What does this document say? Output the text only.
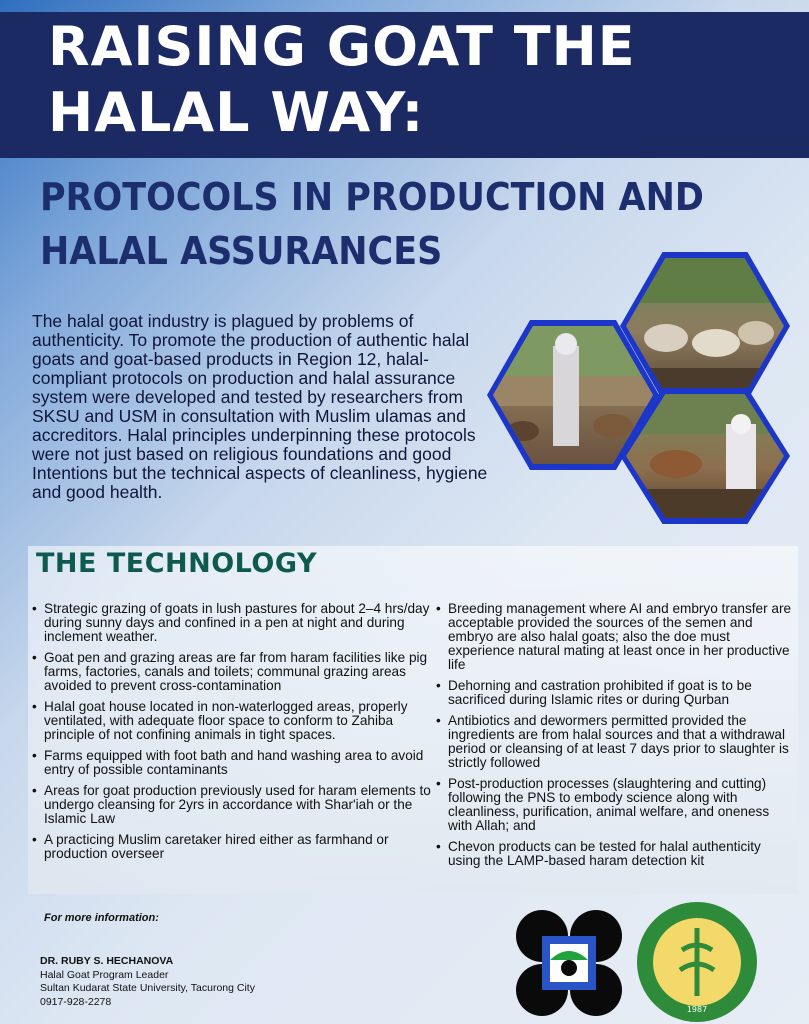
RAISING GOAT THE HALAL WAY:
PROTOCOLS IN PRODUCTION AND HALAL ASSURANCES
The halal goat industry is plagued by problems of authenticity. To promote the production of authentic halal goats and goat-based products in Region 12, halal-compliant protocols on production and halal assurance system were developed and tested by researchers from SKSU and USM in consultation with Muslim ulamas and accreditors. Halal principles underpinning these protocols were not just based on religious foundations and good Intentions but the technical aspects of cleanliness, hygiene and good health.
THE TECHNOLOGY
• Strategic grazing of goats in lush pastures for about 2–4 hrs/day during sunny days and confined in a pen at night and during inclement weather.
• Goat pen and grazing areas are far from haram facilities like pig farms, factories, canals and toilets; communal grazing areas avoided to prevent cross-contamination
• Halal goat house located in non-waterlogged areas, properly ventilated, with adequate floor space to conform to Zahiba principle of not confining animals in tight spaces.
• Farms equipped with foot bath and hand washing area to avoid entry of possible contaminants
• Areas for goat production previously used for haram elements to undergo cleansing for 2yrs in accordance with Shar'iah or the Islamic Law
• A practicing Muslim caretaker hired either as farmhand or production overseer
• Breeding management where AI and embryo transfer are acceptable provided the sources of the semen and embryo are also halal goats; also the doe must experience natural mating at least once in her productive life
• Dehorning and castration prohibited if goat is to be sacrificed during Islamic rites or during Qurban
• Antibiotics and dewormers permitted provided the ingredients are from halal sources and that a withdrawal period or cleansing of at least 7 days prior to slaughter is strictly followed
• Post-production processes (slaughtering and cutting) following the PNS to embody science along with cleanliness, purification, animal welfare, and oneness with Allah; and
• Chevon products can be tested for halal authenticity using the LAMP-based haram detection kit
For more information:
DR. RUBY S. HECHANOVA
Halal Goat Program Leader
Sultan Kudarat State University, Tacurong City
0917-928-2278
1987
